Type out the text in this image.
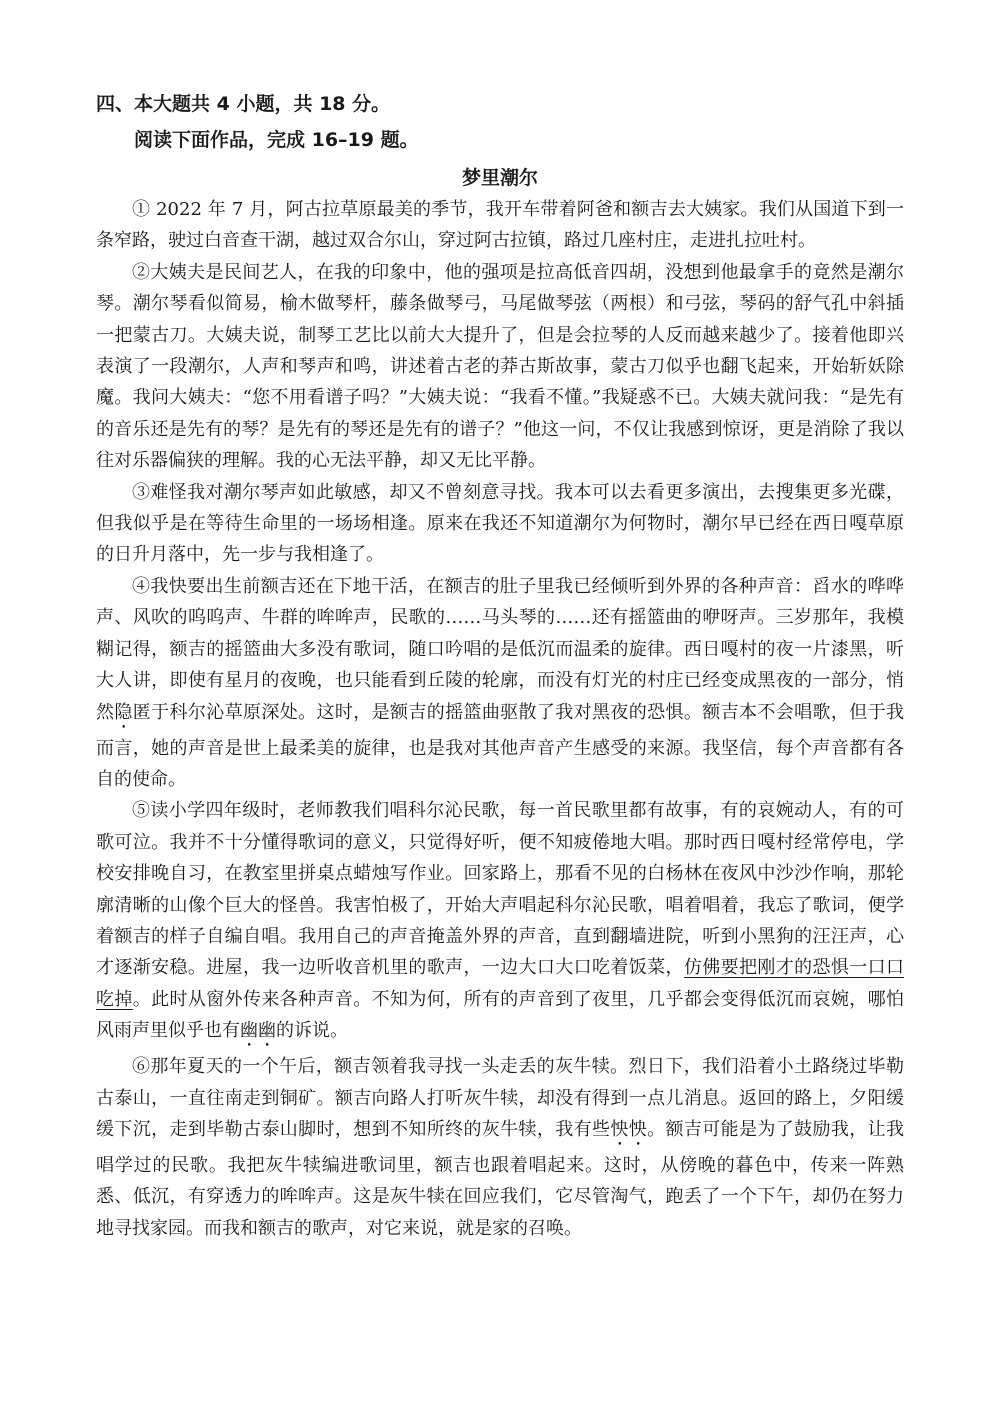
四、本大题共 4 小题，共 18 分。

阅读下面作品，完成 16–19 题。

梦里潮尔

① 2022 年 7 月，阿古拉草原最美的季节，我开车带着阿爸和额吉去大姨家。我们从国道下到一条窄路，驶过白音查干湖，越过双合尔山，穿过阿古拉镇，路过几座村庄，走进扎拉吐村。

②大姨夫是民间艺人，在我的印象中，他的强项是拉高低音四胡，没想到他最拿手的竟然是潮尔琴。潮尔琴看似简易，榆木做琴杆，藤条做琴弓，马尾做琴弦（两根）和弓弦，琴码的舒气孔中斜插一把蒙古刀。大姨夫说，制琴工艺比以前大大提升了，但是会拉琴的人反而越来越少了。接着他即兴表演了一段潮尔，人声和琴声和鸣，讲述着古老的莽古斯故事，蒙古刀似乎也翻飞起来，开始斩妖除魔。我问大姨夫：“您不用看谱子吗？”大姨夫说：“我看不懂。”我疑惑不已。大姨夫就问我：“是先有的音乐还是先有的琴？是先有的琴还是先有的谱子？”他这一问，不仅让我感到惊讶，更是消除了我以往对乐器偏狭的理解。我的心无法平静，却又无比平静。

③难怪我对潮尔琴声如此敏感，却又不曾刻意寻找。我本可以去看更多演出，去搜集更多光碟，但我似乎是在等待生命里的一场场相逢。原来在我还不知道潮尔为何物时，潮尔早已经在西日嘎草原的日升月落中，先一步与我相逢了。

④我快要出生前额吉还在下地干活，在额吉的肚子里我已经倾听到外界的各种声音：舀水的哗哗声、风吹的呜呜声、牛群的哞哞声，民歌的……马头琴的……还有摇篮曲的咿呀声。三岁那年，我模糊记得，额吉的摇篮曲大多没有歌词，随口吟唱的是低沉而温柔的旋律。西日嘎村的夜一片漆黑，听大人讲，即使有星月的夜晚，也只能看到丘陵的轮廓，而没有灯光的村庄已经变成黑夜的一部分，悄然隐匿于科尔沁草原深处。这时，是额吉的摇篮曲驱散了我对黑夜的恐惧。额吉本不会唱歌，但于我而言，她的声音是世上最柔美的旋律，也是我对其他声音产生感受的来源。我坚信，每个声音都有各自的使命。

⑤读小学四年级时，老师教我们唱科尔沁民歌，每一首民歌里都有故事，有的哀婉动人，有的可歌可泣。我并不十分懂得歌词的意义，只觉得好听，便不知疲倦地大唱。那时西日嘎村经常停电，学校安排晚自习，在教室里拼桌点蜡烛写作业。回家路上，那看不见的白杨林在夜风中沙沙作响，那轮廓清晰的山像个巨大的怪兽。我害怕极了，开始大声唱起科尔沁民歌，唱着唱着，我忘了歌词，便学着额吉的样子自编自唱。我用自己的声音掩盖外界的声音，直到翻墙进院，听到小黑狗的汪汪声，心才逐渐安稳。进屋，我一边听收音机里的歌声，一边大口大口吃着饭菜，仿佛要把刚才的恐惧一口口吃掉。此时从窗外传来各种声音。不知为何，所有的声音到了夜里，几乎都会变得低沉而哀婉，哪怕风雨声里似乎也有幽幽的诉说。

⑥那年夏天的一个午后，额吉领着我寻找一头走丢的灰牛犊。烈日下，我们沿着小土路绕过毕勒古泰山，一直往南走到铜矿。额吉向路人打听灰牛犊，却没有得到一点儿消息。返回的路上，夕阳缓缓下沉，走到毕勒古泰山脚时，想到不知所终的灰牛犊，我有些怏怏。额吉可能是为了鼓励我，让我唱学过的民歌。我把灰牛犊编进歌词里，额吉也跟着唱起来。这时，从傍晚的暮色中，传来一阵熟悉、低沉，有穿透力的哞哞声。这是灰牛犊在回应我们，它尽管淘气，跑丢了一个下午，却仍在努力地寻找家园。而我和额吉的歌声，对它来说，就是家的召唤。
